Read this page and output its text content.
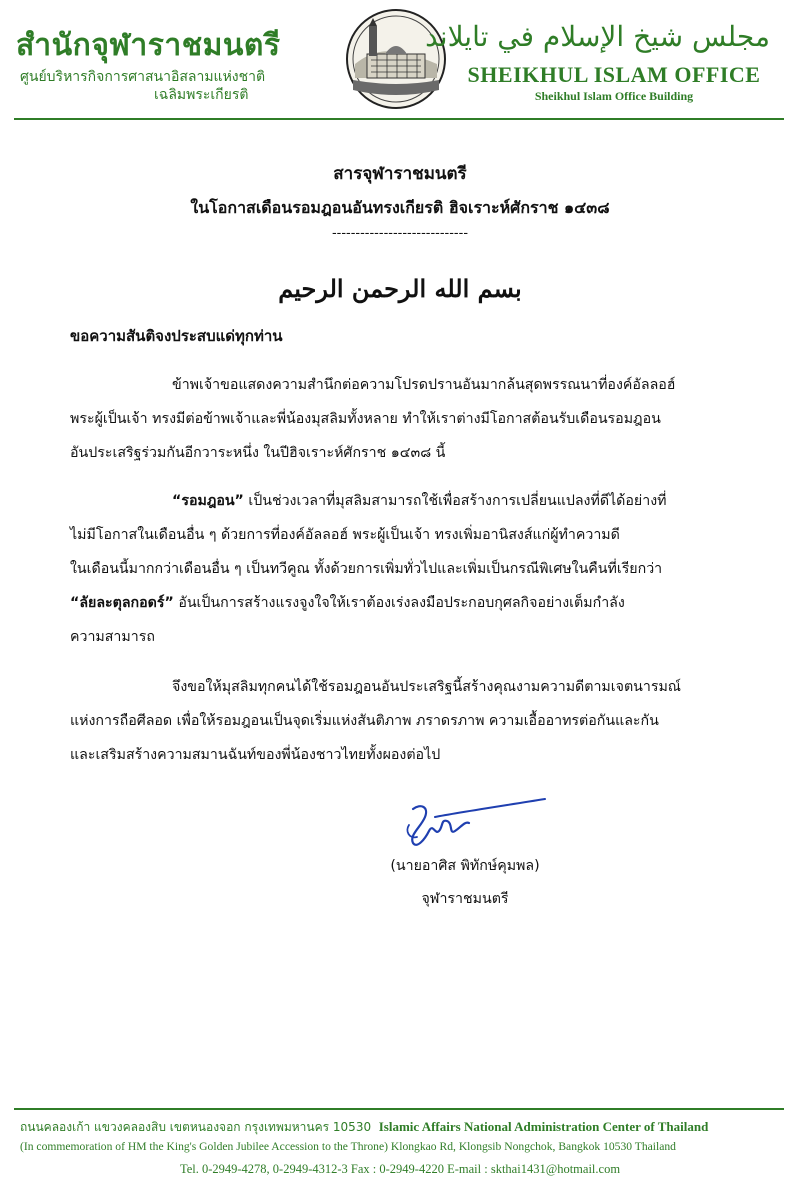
สำนักจุฬาราชมนตรี
ศูนย์บริหารกิจการศาสนาอิสลามแห่งชาติ
เฉลิมพระเกียรติ
مجلس شيخ الإسلام في تايلاند
SHEIKHUL ISLAM OFFICE
Sheikhul Islam Office Building
สารจุฬาราชมนตรี
ในโอกาสเดือนรอมฎอนอันทรงเกียรติ ฮิจเราะห์ศักราช ๑๔๓๘
-----------------------------
بسم الله الرحمن الرحيم
ขอความสันติจงประสบแด่ทุกท่าน
ข้าพเจ้าขอแสดงความสำนึกต่อความโปรดปรานอันมากล้นสุดพรรณนาที่องค์อัลลอฮ์
พระผู้เป็นเจ้า ทรงมีต่อข้าพเจ้าและพี่น้องมุสลิมทั้งหลาย ทำให้เราต่างมีโอกาสต้อนรับเดือนรอมฎอน
อันประเสริฐร่วมกันอีกวาระหนึ่ง ในปีฮิจเราะห์ศักราช ๑๔๓๘ นี้
“รอมฎอน” เป็นช่วงเวลาที่มุสลิมสามารถใช้เพื่อสร้างการเปลี่ยนแปลงที่ดีได้อย่างที่
ไม่มีโอกาสในเดือนอื่น ๆ ด้วยการที่องค์อัลลอฮ์ พระผู้เป็นเจ้า ทรงเพิ่มอานิสงส์แก่ผู้ทำความดี
ในเดือนนี้มากกว่าเดือนอื่น ๆ เป็นทวีคูณ ทั้งด้วยการเพิ่มทั่วไปและเพิ่มเป็นกรณีพิเศษในคืนที่เรียกว่า
“ลัยละตุลกอดร์” อันเป็นการสร้างแรงจูงใจให้เราต้องเร่งลงมือประกอบกุศลกิจอย่างเต็มกำลัง
ความสามารถ
จึงขอให้มุสลิมทุกคนได้ใช้รอมฎอนอันประเสริฐนี้สร้างคุณงามความดีตามเจตนารมณ์
แห่งการถือศีลอด เพื่อให้รอมฎอนเป็นจุดเริ่มแห่งสันติภาพ ภราดรภาพ ความเอื้ออาทรต่อกันและกัน
และเสริมสร้างความสมานฉันท์ของพี่น้องชาวไทยทั้งผองต่อไป
(นายอาศิส พิทักษ์คุมพล)
จุฬาราชมนตรี
ถนนคลองเก้า แขวงคลองสิบ เขตหนองจอก กรุงเทพมหานคร 10530 Islamic Affairs National Administration Center of Thailand
(In commemoration of HM the King's Golden Jubilee Accession to the Throne) Klongkao Rd, Klongsib Nongchok, Bangkok 10530 Thailand
Tel. 0-2949-4278, 0-2949-4312-3 Fax : 0-2949-4220 E-mail : skthai1431@hotmail.com
